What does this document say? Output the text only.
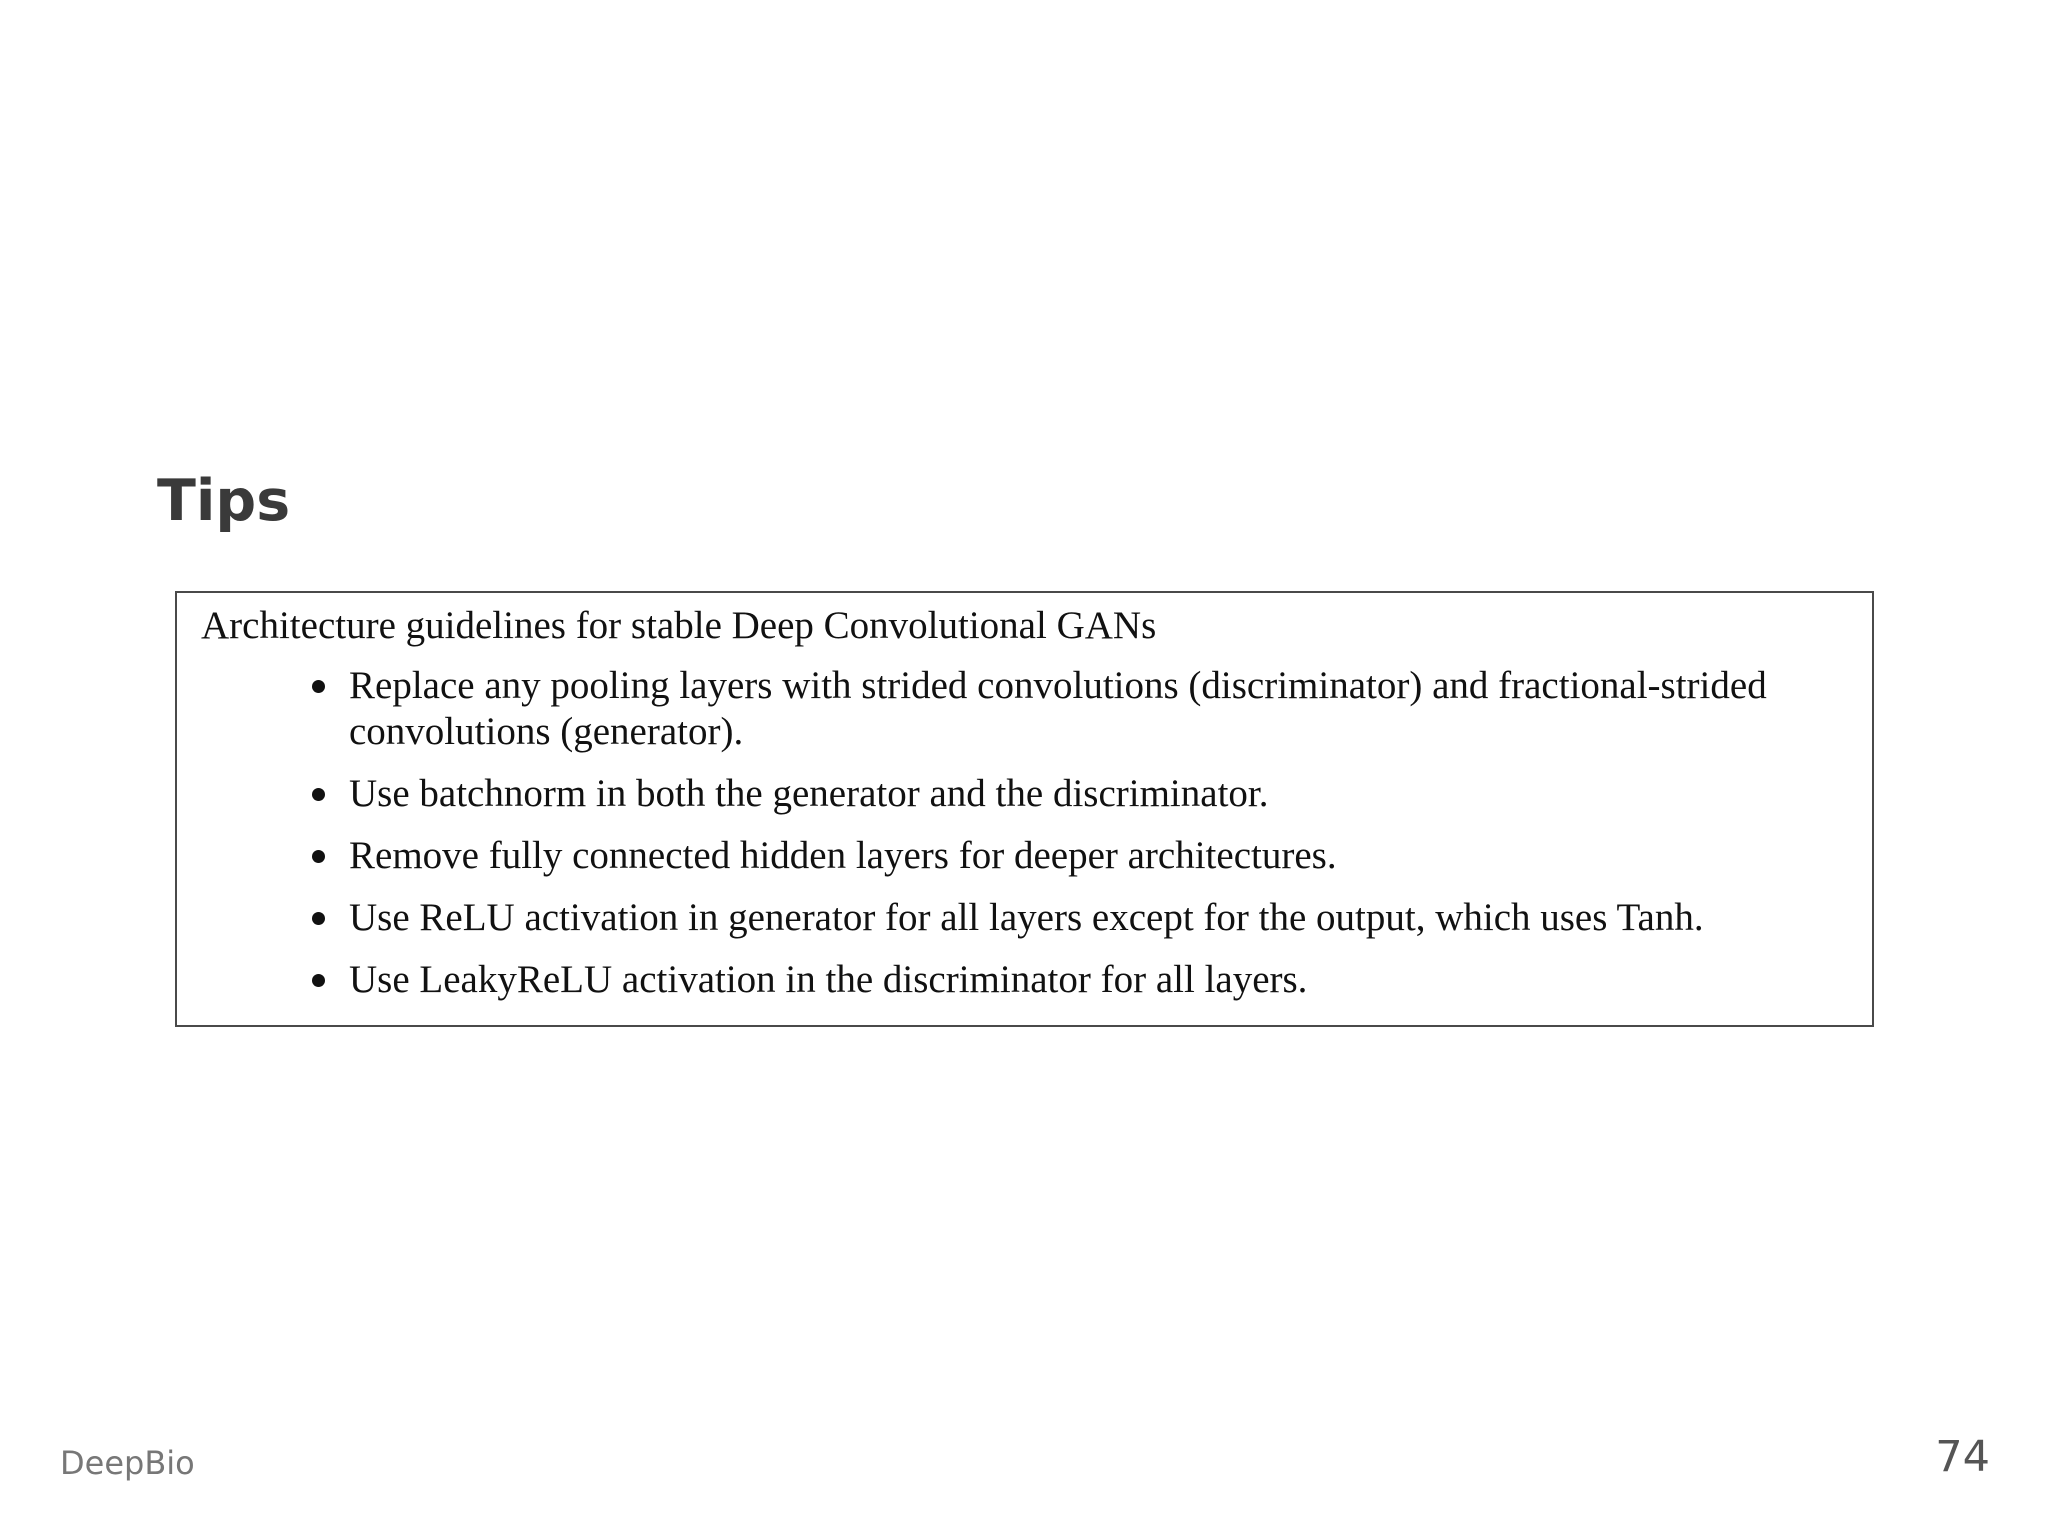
Tips
Architecture guidelines for stable Deep Convolutional GANs
Replace any pooling layers with strided convolutions (discriminator) and fractional-strided convolutions (generator).
Use batchnorm in both the generator and the discriminator.
Remove fully connected hidden layers for deeper architectures.
Use ReLU activation in generator for all layers except for the output, which uses Tanh.
Use LeakyReLU activation in the discriminator for all layers.
DeepBio	74
